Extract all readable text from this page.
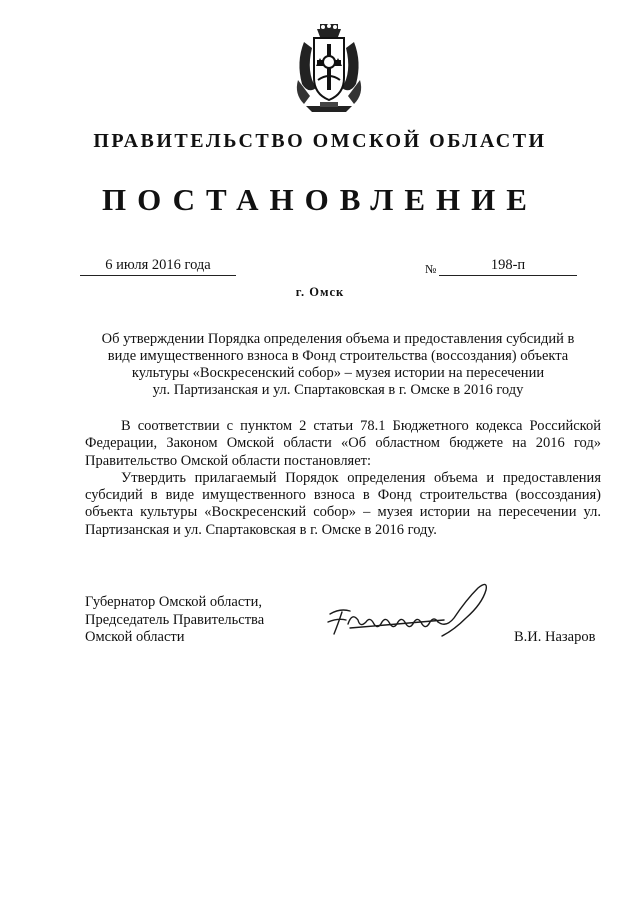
ПРАВИТЕЛЬСТВО ОМСКОЙ ОБЛАСТИ
ПОСТАНОВЛЕНИЕ
6 июля 2016 года	№	198-п
г. Омск
Об утверждении Порядка определения объема и предоставления субсидий в
виде имущественного взноса в Фонд строительства (воссоздания) объекта
культуры «Воскресенский собор» – музея истории на пересечении
ул. Партизанская и ул. Спартаковская в г. Омске в 2016 году

В соответствии с пунктом 2 статьи 78.1 Бюджетного кодекса Российской Федерации, Законом Омской области «Об областном бюджете на 2016 год» Правительство Омской области постановляет:

Утвердить прилагаемый Порядок определения объема и предоставления субсидий в виде имущественного взноса в Фонд строительства (воссоздания) объекта культуры «Воскресенский собор» – музея истории на пересечении ул. Партизанская и ул. Спартаковская в г. Омске в 2016 году.

Губернатор Омской области,
Председатель Правительства
Омской области	В.И. Назаров
